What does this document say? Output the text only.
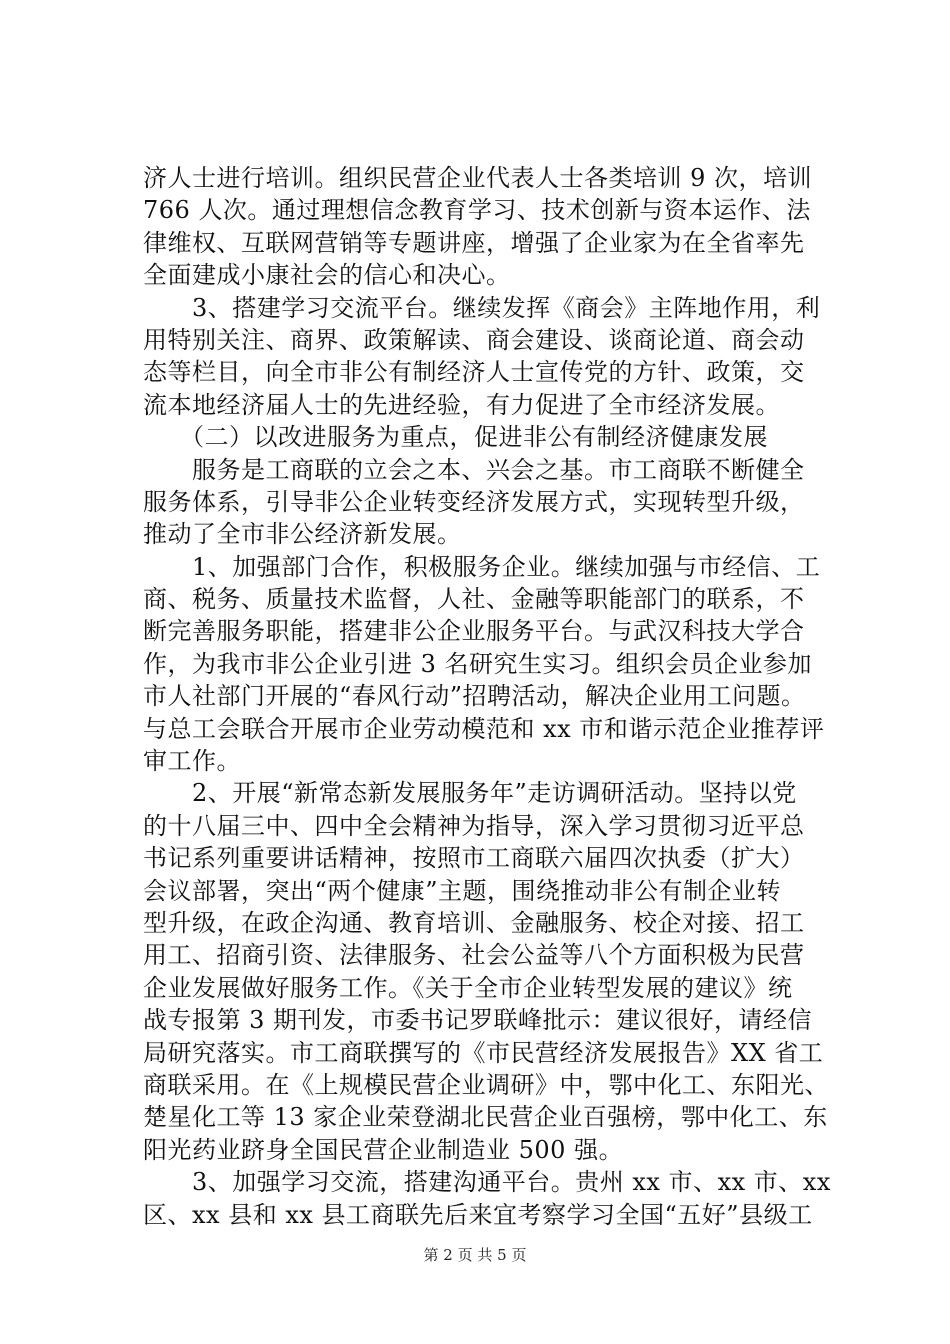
济人士进行培训。组织民营企业代表人士各类培训 9 次，培训
766 人次。通过理想信念教育学习、技术创新与资本运作、法
律维权、互联网营销等专题讲座，增强了企业家为在全省率先
全面建成小康社会的信心和决心。
　　3、搭建学习交流平台。继续发挥《商会》主阵地作用，利
用特别关注、商界、政策解读、商会建设、谈商论道、商会动
态等栏目，向全市非公有制经济人士宣传党的方针、政策，交
流本地经济届人士的先进经验，有力促进了全市经济发展。
　　（二）以改进服务为重点，促进非公有制经济健康发展
　　服务是工商联的立会之本、兴会之基。市工商联不断健全
服务体系，引导非公企业转变经济发展方式，实现转型升级，
推动了全市非公经济新发展。
　　1、加强部门合作，积极服务企业。继续加强与市经信、工
商、税务、质量技术监督，人社、金融等职能部门的联系，不
断完善服务职能，搭建非公企业服务平台。与武汉科技大学合
作，为我市非公企业引进 3 名研究生实习。组织会员企业参加
市人社部门开展的“春风行动”招聘活动，解决企业用工问题。
与总工会联合开展市企业劳动模范和 xx 市和谐示范企业推荐评
审工作。
　　2、开展“新常态新发展服务年”走访调研活动。坚持以党
的十八届三中、四中全会精神为指导，深入学习贯彻习近平总
书记系列重要讲话精神，按照市工商联六届四次执委（扩大）
会议部署，突出“两个健康”主题，围绕推动非公有制企业转
型升级，在政企沟通、教育培训、金融服务、校企对接、招工
用工、招商引资、法律服务、社会公益等八个方面积极为民营
企业发展做好服务工作。《关于全市企业转型发展的建议》统
战专报第 3 期刊发，市委书记罗联峰批示：建议很好，请经信
局研究落实。市工商联撰写的《市民营经济发展报告》XX 省工
商联采用。在《上规模民营企业调研》中，鄂中化工、东阳光、
楚星化工等 13 家企业荣登湖北民营企业百强榜，鄂中化工、东
阳光药业跻身全国民营企业制造业 500 强。
　　3、加强学习交流，搭建沟通平台。贵州 xx 市、xx 市、xx
区、xx 县和 xx 县工商联先后来宜考察学习全国“五好”县级工
第 2 页 共 5 页
